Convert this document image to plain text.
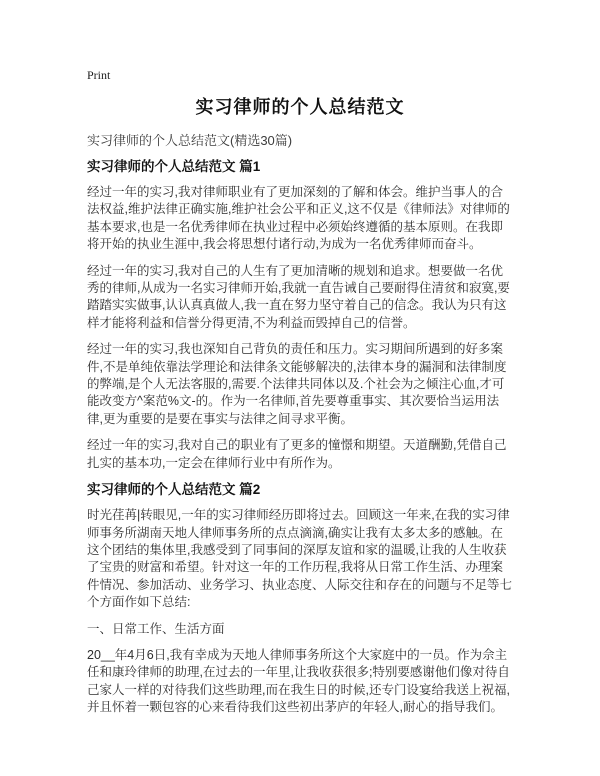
Print
实习律师的个人总结范文
实习律师的个人总结范文(精选30篇)
实习律师的个人总结范文 篇1

经过一年的实习,我对律师职业有了更加深刻的了解和体会。维护当事人的合法权益,维护法律正确实施,维护社会公平和正义,这不仅是《律师法》对律师的基本要求,也是一名优秀律师在执业过程中必须始终遵循的基本原则。在我即将开始的执业生涯中,我会将思想付诸行动,为成为一名优秀律师而奋斗。

经过一年的实习,我对自己的人生有了更加清晰的规划和追求。想要做一名优秀的律师,从成为一名实习律师开始,我就一直告诫自己要耐得住清贫和寂寞,要踏踏实实做事,认认真真做人,我一直在努力坚守着自己的信念。我认为只有这样才能将利益和信誉分得更清,不为利益而毁掉自己的信誉。

经过一年的实习,我也深知自己背负的责任和压力。实习期间所遇到的好多案件,不是单纯依靠法学理论和法律条文能够解决的,法律本身的漏洞和法律制度的弊端,是个人无法客服的,需要.个法律共同体以及.个社会为之倾注心血,才可能改变方^案范%文-的。作为一名律师,首先要尊重事实、其次要恰当运用法律,更为重要的是要在事实与法律之间寻求平衡。

经过一年的实习,我对自己的职业有了更多的憧憬和期望。天道酬勤,凭借自己扎实的基本功,一定会在律师行业中有所作为。

实习律师的个人总结范文 篇2

时光荏苒|转眼见,一年的实习律师经历即将过去。回顾这一年来,在我的实习律师事务所湖南天地人律师事务所的点点滴滴,确实让我有太多太多的感触。在这个团结的集体里,我感受到了同事间的深厚友谊和家的温暖,让我的人生收获了宝贵的财富和希望。针对这一年的工作历程,我将从日常工作生活、办理案件情况、参加活动、业务学习、执业态度、人际交往和存在的问题与不足等七个方面作如下总结:

一、日常工作、生活方面

20__年4月6日,我有幸成为天地人律师事务所这个大家庭中的一员。作为佘主任和康玲律师的助理,在过去的一年里,让我收获很多;特别要感谢他们像对待自己家人一样的对待我们这些助理,而在我生日的时候,还专门设宴给我送上祝福,并且怀着一颗包容的心来看待我们这些初出茅庐的年轻人,耐心的指导我们。
